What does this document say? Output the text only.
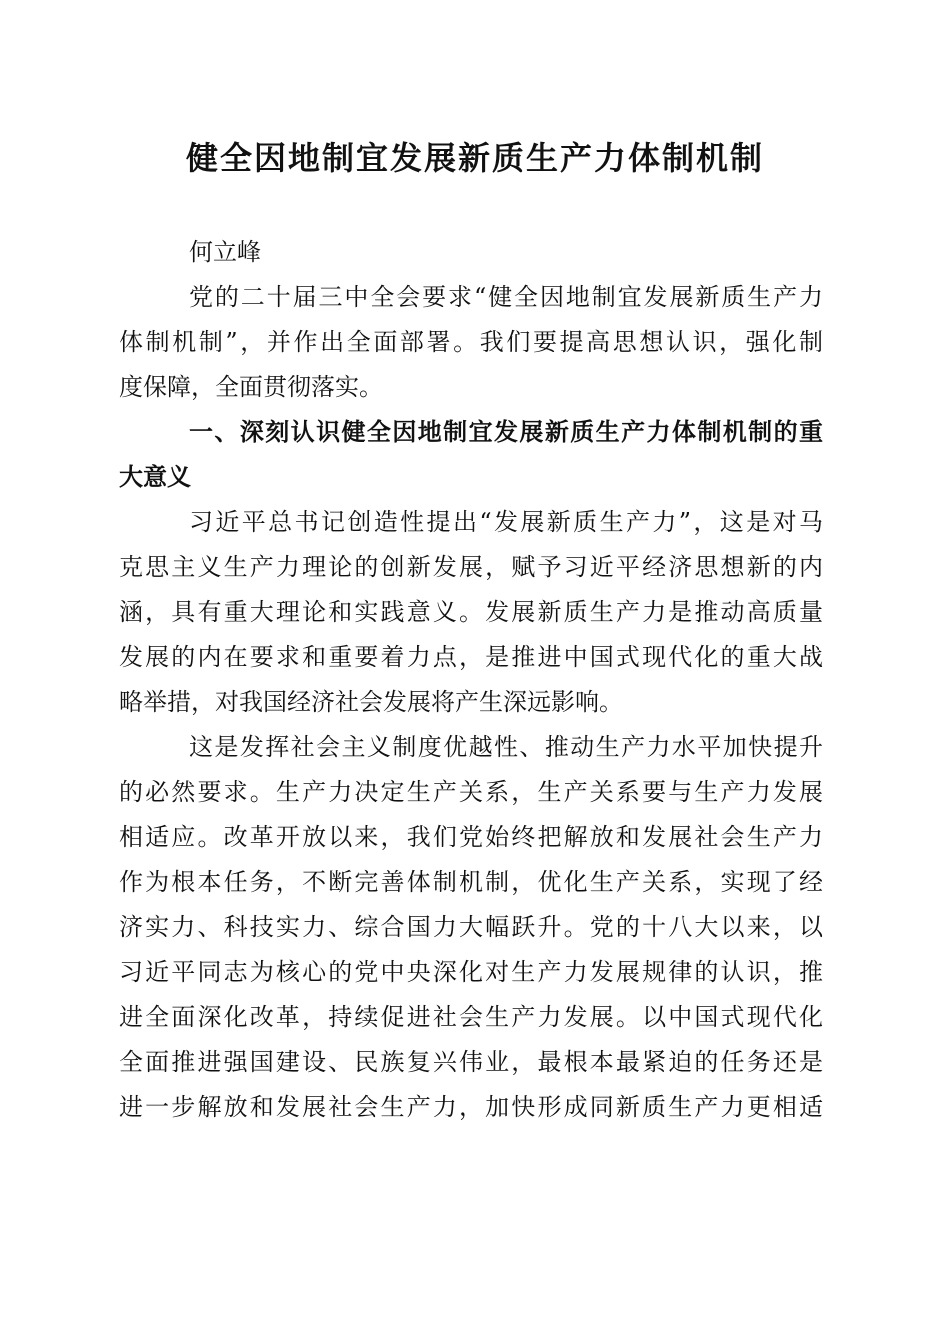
健全因地制宜发展新质生产力体制机制
何立峰
党的二十届三中全会要求“健全因地制宜发展新质生产力
体制机制”，并作出全面部署。我们要提高思想认识，强化制
度保障，全面贯彻落实。
一、深刻认识健全因地制宜发展新质生产力体制机制的重
大意义
习近平总书记创造性提出“发展新质生产力”，这是对马
克思主义生产力理论的创新发展，赋予习近平经济思想新的内
涵，具有重大理论和实践意义。发展新质生产力是推动高质量
发展的内在要求和重要着力点，是推进中国式现代化的重大战
略举措，对我国经济社会发展将产生深远影响。
这是发挥社会主义制度优越性、推动生产力水平加快提升
的必然要求。生产力决定生产关系，生产关系要与生产力发展
相适应。改革开放以来，我们党始终把解放和发展社会生产力
作为根本任务，不断完善体制机制，优化生产关系，实现了经
济实力、科技实力、综合国力大幅跃升。党的十八大以来，以
习近平同志为核心的党中央深化对生产力发展规律的认识，推
进全面深化改革，持续促进社会生产力发展。以中国式现代化
全面推进强国建设、民族复兴伟业，最根本最紧迫的任务还是
进一步解放和发展社会生产力，加快形成同新质生产力更相适
